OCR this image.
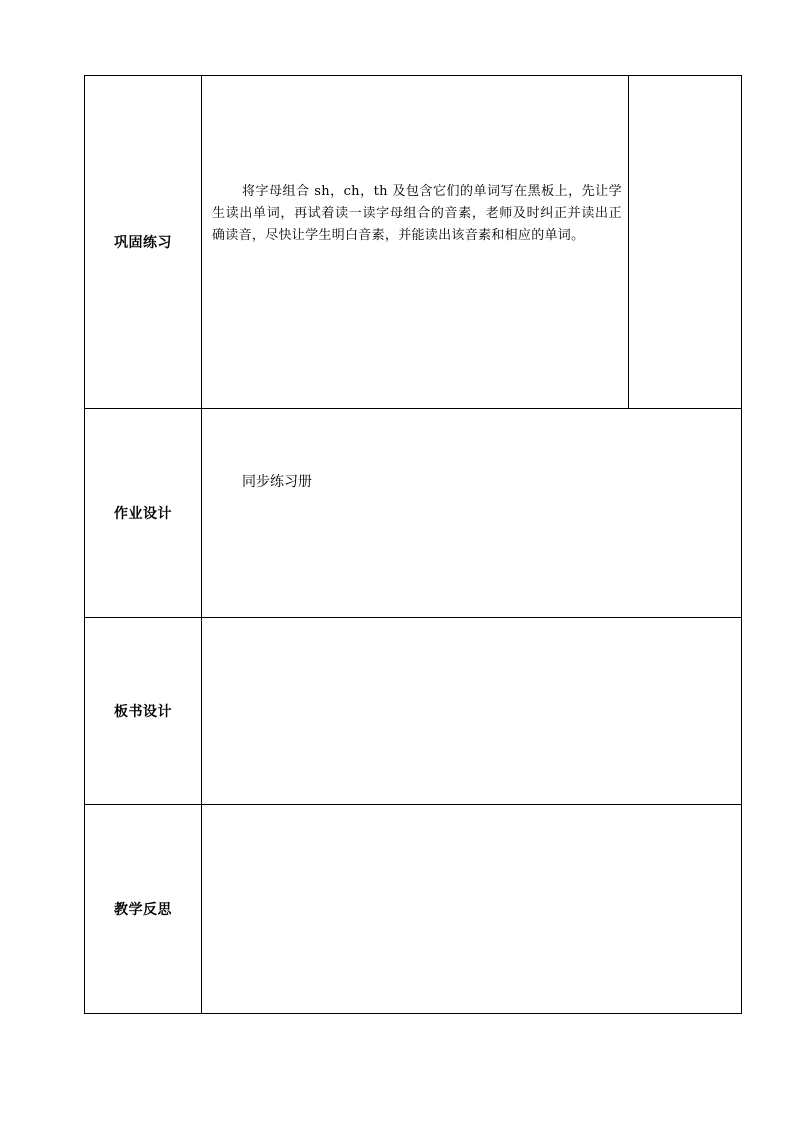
巩固练习	将字母组合 sh，ch，th 及包含它们的单词写在黑板上，先让学生读出单词，再试着读一读字母组合的音素，老师及时纠正并读出正确读音，尽快让学生明白音素，并能读出该音素和相应的单词。	

作业设计	同步练习册	

板书设计		
教学反思		
